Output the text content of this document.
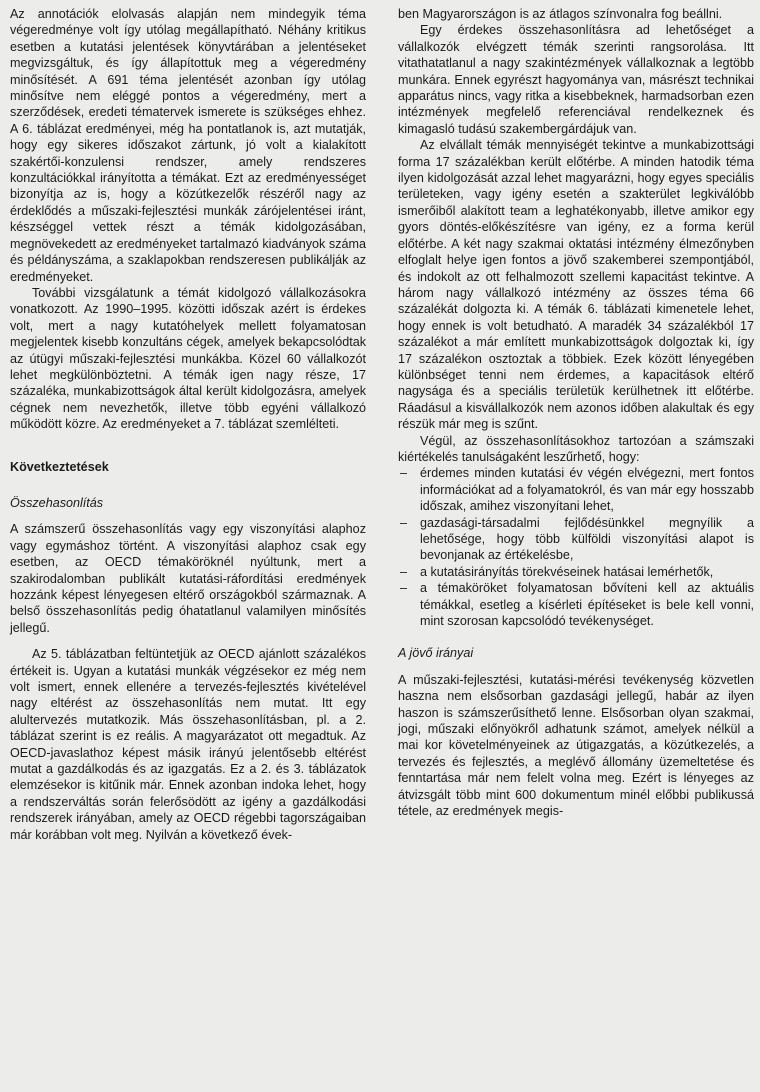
Az annotációk elolvasás alapján nem mindegyik téma végeredménye volt így utólag megállapítható. Néhány kritikus esetben a kutatási jelentések könyvtárában a jelentéseket megvizsgáltuk, és így állapítottuk meg a végeredmény minősítését. A 691 téma jelentését azonban így utólag minősítve nem eléggé pontos a végeredmény, mert a szerződések, eredeti tématervek ismerete is szükséges ehhez. A 6. táblázat eredményei, még ha pontatlanok is, azt mutatják, hogy egy sikeres időszakot zártunk, jó volt a kialakított szakértői-konzulensi rendszer, amely rendszeres konzultációkkal irányította a témákat. Ezt az eredményességet bizonyítja az is, hogy a közútkezelők részéről nagy az érdeklődés a műszaki-fejlesztési munkák zárójelentései iránt, készséggel vettek részt a témák kidolgozásában, megnövekedett az eredményeket tartalmazó kiadványok száma és példányszáma, a szaklapokban rendszeresen publikálják az eredményeket.

További vizsgálatunk a témát kidolgozó vállalkozásokra vonatkozott. Az 1990–1995. közötti időszak azért is érdekes volt, mert a nagy kutatóhelyek mellett folyamatosan megjelentek kisebb konzultáns cégek, amelyek bekapcsolódtak az útügyi műszaki-fejlesztési munkákba. Közel 60 vállalkozót lehet megkülönböztetni. A témák igen nagy része, 17 százaléka, munkabizottságok által került kidolgozásra, amelyek cégnek nem nevezhetők, illetve több egyéni vállalkozó működött közre. Az eredményeket a 7. táblázat szemlélteti.

Következtetések
Összehasonlítás

A számszerű összehasonlítás vagy egy viszonyítási alaphoz vagy egymáshoz történt. A viszonyítási alaphoz csak egy esetben, az OECD témaköröknél nyúltunk, mert a szakirodalomban publikált kutatási-ráfordítási eredmények hozzánk képest lényegesen eltérő országokból származnak. A belső összehasonlítás pedig óhatatlanul valamilyen minősítés jellegű.

Az 5. táblázatban feltüntetjük az OECD ajánlott százalékos értékeit is. Ugyan a kutatási munkák végzésekor ez még nem volt ismert, ennek ellenére a tervezés-fejlesztés kivételével nagy eltérést az összehasonlítás nem mutat. Itt egy alultervezés mutatkozik. Más összehasonlításban, pl. a 2. táblázat szerint is ez reális. A magyarázatot ott megadtuk. Az OECD-javaslathoz képest másik irányú jelentősebb eltérést mutat a gazdálkodás és az igazgatás. Ez a 2. és 3. táblázatok elemzésekor is kitűnik már. Ennek azonban indoka lehet, hogy a rendszerváltás során felerősödött az igény a gazdálkodási rendszerek irányában, amely az OECD régebbi tagországaiban már korábban volt meg. Nyilván a következő évek-

ben Magyarországon is az átlagos színvonalra fog beállni.

Egy érdekes összehasonlításra ad lehetőséget a vállalkozók elvégzett témák szerinti rangsorolása. Itt vitathatatlanul a nagy szakintézmények vállalkoznak a legtöbb munkára. Ennek egyrészt hagyománya van, másrészt technikai apparátus nincs, vagy ritka a kisebbeknek, harmadsorban ezen intézmények megfelelő referenciával rendelkeznek és kimagasló tudású szakembergárdájuk van.

Az elvállalt témák mennyiségét tekintve a munkabizottsági forma 17 százalékban került előtérbe. A minden hatodik téma ilyen kidolgozását azzal lehet magyarázni, hogy egyes speciális területeken, vagy igény esetén a szakterület legkiválóbb ismerőiből alakított team a leghatékonyabb, illetve amikor egy gyors döntés-előkészítésre van igény, ez a forma kerül előtérbe. A két nagy szakmai oktatási intézmény élmezőnyben elfoglalt helye igen fontos a jövő szakemberei szempontjából, és indokolt az ott felhalmozott szellemi kapacitást tekintve. A három nagy vállalkozó intézmény az összes téma 66 százalékát dolgozta ki. A témák 6. táblázati kimenetele lehet, hogy ennek is volt betudható. A maradék 34 százalékból 17 százalékot a már említett munkabizottságok dolgoztak ki, így 17 százalékon osztoztak a többiek. Ezek között lényegében különbséget tenni nem érdemes, a kapacitások eltérő nagysága és a speciális területük kerülhetnek itt előtérbe. Ráadásul a kisvállalkozók nem azonos időben alakultak és egy részük már meg is szűnt.

Végül, az összehasonlításokhoz tartozóan a számszaki kiértékelés tanulságaként leszűrhető, hogy:

– érdemes minden kutatási év végén elvégezni, mert fontos információkat ad a folyamatokról, és van már egy hosszabb időszak, amihez viszonyítani lehet,
– gazdasági-társadalmi fejlődésünkkel megnyílik a lehetősége, hogy több külföldi viszonyítási alapot is bevonjanak az értékelésbe,
– a kutatásirányítás törekvéseinek hatásai lemérhetők,
– a témaköröket folyamatosan bővíteni kell az aktuális témákkal, esetleg a kísérleti építéseket is bele kell vonni, mint szorosan kapcsolódó tevékenységet.
A jövő irányai

A műszaki-fejlesztési, kutatási-mérési tevékenység közvetlen haszna nem elsősorban gazdasági jellegű, habár az ilyen haszon is számszerűsíthető lenne. Elsősorban olyan szakmai, jogi, műszaki előnyökről adhatunk számot, amelyek nélkül a mai kor követelményeinek az útigazgatás, a közútkezelés, a tervezés és fejlesztés, a meglévő állomány üzemeltetése és fenntartása már nem felelt volna meg. Ezért is lényeges az átvizsgált több mint 600 dokumentum minél előbbi publikussá tétele, az eredmények megis-
